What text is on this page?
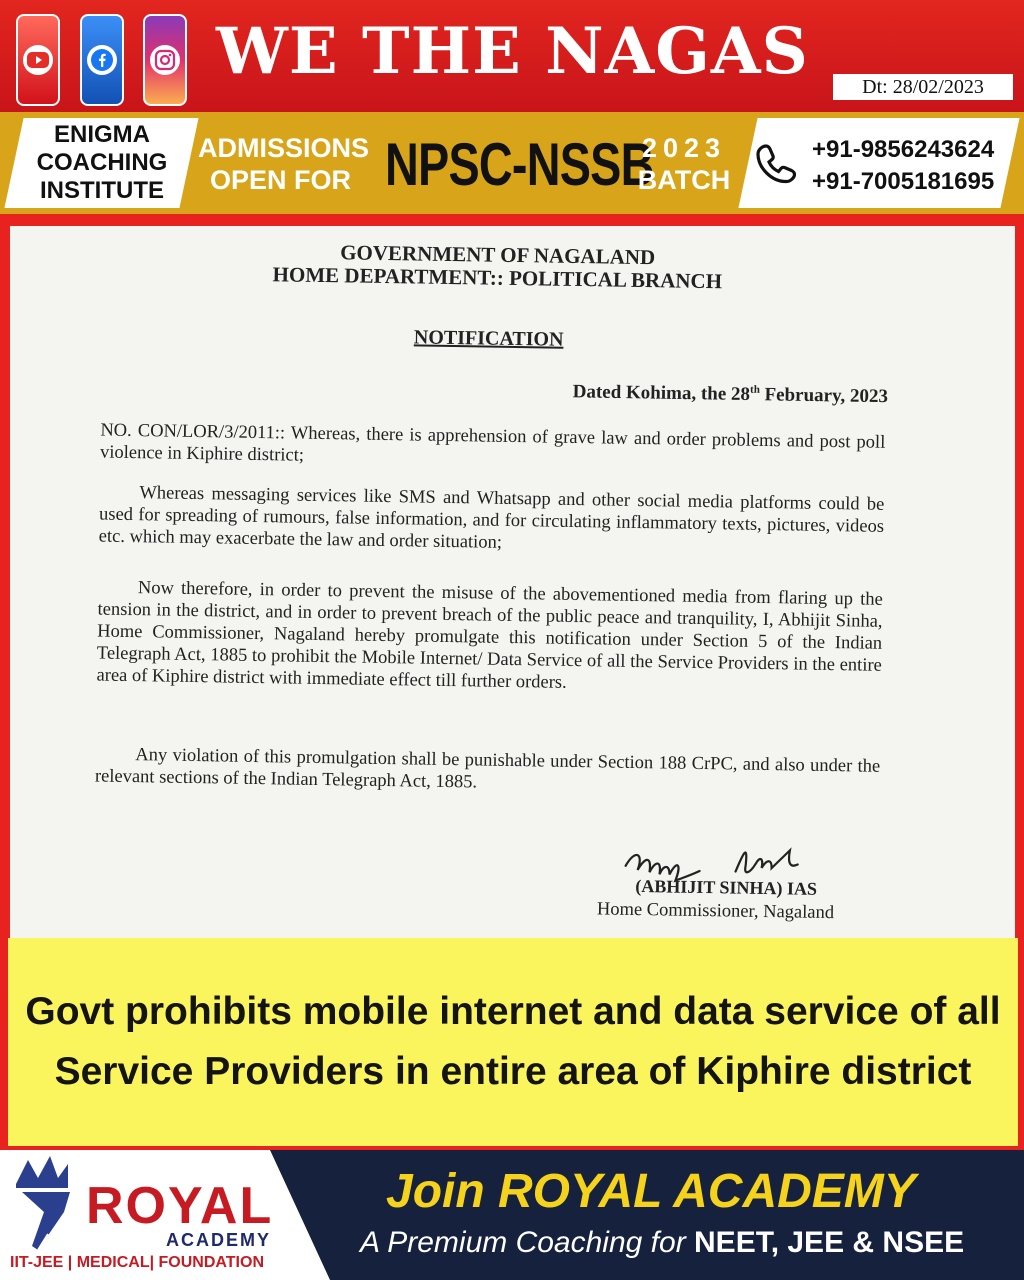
WE THE NAGAS	Dt: 28/02/2023
ENIGMA
COACHING
INSTITUTE
ADMISSIONS
OPEN FOR NPSC-NSSB
2023
BATCH
+91-9856243624
+91-7005181695
GOVERNMENT OF NAGALAND
HOME DEPARTMENT:: POLITICAL BRANCH
NOTIFICATION
Dated Kohima, the 28th February, 2023
NO. CON/LOR/3/2011:: Whereas, there is apprehension of grave law and order problems and post poll violence in Kiphire district;
Whereas messaging services like SMS and Whatsapp and other social media platforms could be used for spreading of rumours, false information, and for circulating inflammatory texts, pictures, videos etc. which may exacerbate the law and order situation;
Now therefore, in order to prevent the misuse of the abovementioned media from flaring up the tension in the district, and in order to prevent breach of the public peace and tranquility, I, Abhijit Sinha, Home Commissioner, Nagaland hereby promulgate this notification under Section 5 of the Indian Telegraph Act, 1885 to prohibit the Mobile Internet/ Data Service of all the Service Providers in the entire area of Kiphire district with immediate effect till further orders.
Any violation of this promulgation shall be punishable under Section 188 CrPC, and also under the relevant sections of the Indian Telegraph Act, 1885.
(ABHIJIT SINHA) IAS
Home Commissioner, Nagaland
Govt prohibits mobile internet and data service of all Service Providers in entire area of Kiphire district
ROYAL
ACADEMY
IIT-JEE | MEDICAL| FOUNDATION
Join ROYAL ACADEMY
A Premium Coaching for NEET, JEE & NSEE
